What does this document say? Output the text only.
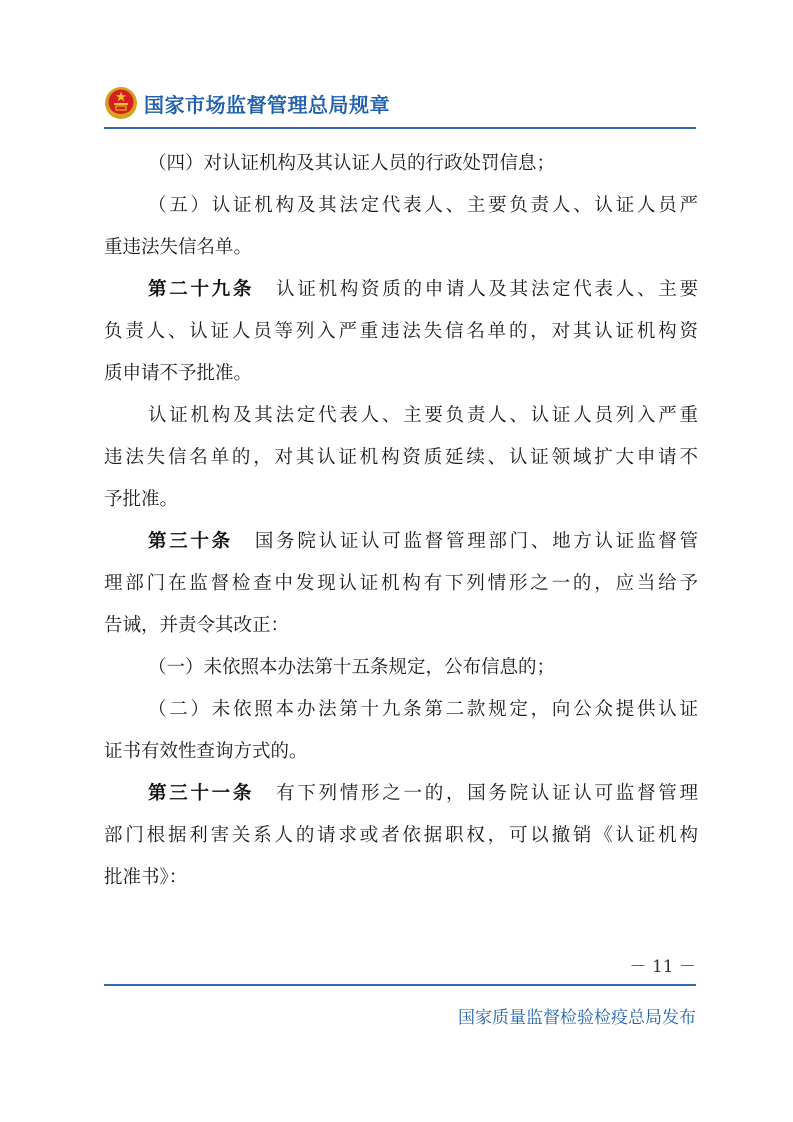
国家市场监督管理总局规章
（四）对认证机构及其认证人员的行政处罚信息；
（五）认证机构及其法定代表人、主要负责人、认证人员严
重违法失信名单。
第二十九条 认证机构资质的申请人及其法定代表人、主要
负责人、认证人员等列入严重违法失信名单的，对其认证机构资
质申请不予批准。
认证机构及其法定代表人、主要负责人、认证人员列入严重
违法失信名单的，对其认证机构资质延续、认证领域扩大申请不
予批准。
第三十条 国务院认证认可监督管理部门、地方认证监督管
理部门在监督检查中发现认证机构有下列情形之一的，应当给予
告诫，并责令其改正：
（一）未依照本办法第十五条规定，公布信息的；
（二）未依照本办法第十九条第二款规定，向公众提供认证
证书有效性查询方式的。
第三十一条 有下列情形之一的，国务院认证认可监督管理
部门根据利害关系人的请求或者依据职权，可以撤销《认证机构
批准书》：
－ 11 －
国家质量监督检验检疫总局发布
